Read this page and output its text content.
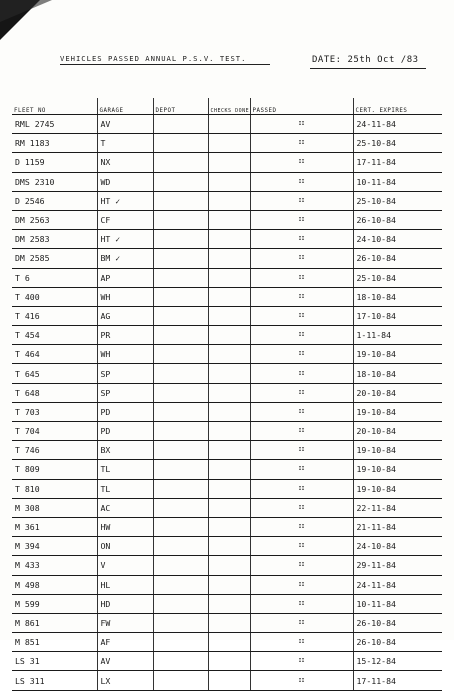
VEHICLES PASSED ANNUAL P.S.V. TEST.	DATE: 25th Oct /83
FLEET NO	GARAGE	DEPOT	CHECKS DONE	PASSED	CERT. EXPIRES
RML 2745	AV			II	24-11-84
RM 1183	T			II	25-10-84
D 1159	NX			II	17-11-84
DMS 2310	WD			II	10-11-84
D 2546	HT ✓			II	25-10-84
DM 2563	CF			II	26-10-84
DM 2583	HT ✓			II	24-10-84
DM 2585	BM ✓			II	26-10-84
T 6	AP			II	25-10-84
T 400	WH			II	18-10-84
T 416	AG			II	17-10-84
T 454	PR			II	1-11-84
T 464	WH			II	19-10-84
T 645	SP			II	18-10-84
T 648	SP			II	20-10-84
T 703	PD			II	19-10-84
T 704	PD			II	20-10-84
T 746	BX			II	19-10-84
T 809	TL			II	19-10-84
T 810	TL			II	19-10-84
M 308	AC			II	22-11-84
M 361	HW			II	21-11-84
M 394	ON			II	24-10-84
M 433	V			II	29-11-84
M 498	HL			II	24-11-84
M 599	HD			II	10-11-84
M 861	FW			II	26-10-84
M 851	AF			II	26-10-84
LS 31	AV			II	15-12-84
LS 311	LX			II	17-11-84
